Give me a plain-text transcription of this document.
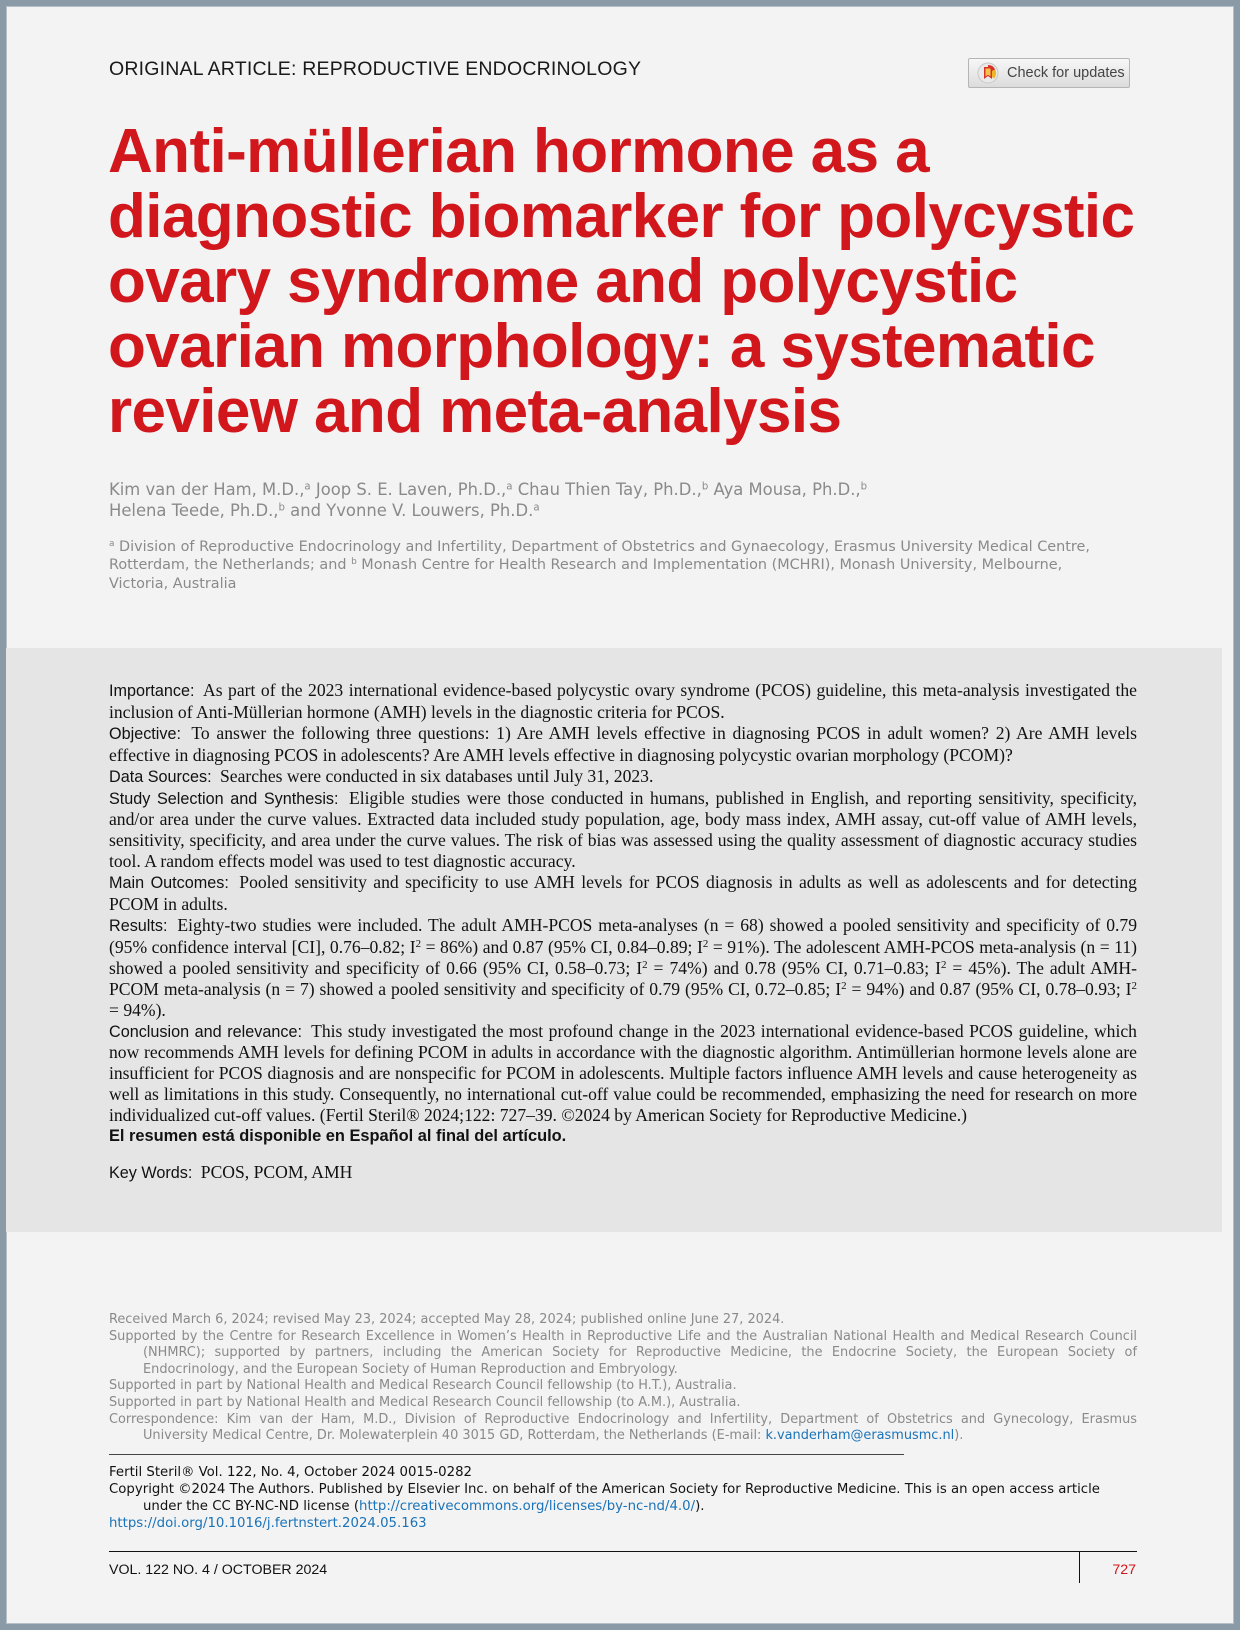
ORIGINAL ARTICLE: REPRODUCTIVE ENDOCRINOLOGY	Check for updates
Anti-müllerian hormone as a diagnostic biomarker for polycystic ovary syndrome and polycystic ovarian morphology: a systematic review and meta-analysis
Kim van der Ham, M.D.,$^a$ Joop S. E. Laven, Ph.D.,$^a$ Chau Thien Tay, Ph.D.,$^b$ Aya Mousa, Ph.D.,$^b$
Helena Teede, Ph.D.,$^b$ and Yvonne V. Louwers, Ph.D.$^a$
$^a$ Division of Reproductive Endocrinology and Infertility, Department of Obstetrics and Gynaecology, Erasmus University Medical Centre, Rotterdam, the Netherlands; and $^b$ Monash Centre for Health Research and Implementation (MCHRI), Monash University, Melbourne, Victoria, Australia

Importance: As part of the 2023 international evidence-based polycystic ovary syndrome (PCOS) guideline, this meta-analysis investigated the inclusion of Anti-Müllerian hormone (AMH) levels in the diagnostic criteria for PCOS.

Objective: To answer the following three questions: 1) Are AMH levels effective in diagnosing PCOS in adult women? 2) Are AMH levels effective in diagnosing PCOS in adolescents? Are AMH levels effective in diagnosing polycystic ovarian morphology (PCOM)?

Data Sources: Searches were conducted in six databases until July 31, 2023.

Study Selection and Synthesis: Eligible studies were those conducted in humans, published in English, and reporting sensitivity, specificity, and/or area under the curve values. Extracted data included study population, age, body mass index, AMH assay, cut-off value of AMH levels, sensitivity, specificity, and area under the curve values. The risk of bias was assessed using the quality assessment of diagnostic accuracy studies tool. A random effects model was used to test diagnostic accuracy.

Main Outcomes: Pooled sensitivity and specificity to use AMH levels for PCOS diagnosis in adults as well as adolescents and for detecting PCOM in adults.

Results: Eighty-two studies were included. The adult AMH-PCOS meta-analyses (n = 68) showed a pooled sensitivity and specificity of 0.79 (95% confidence interval [CI], 0.76–0.82; $I^2 = 86\%$) and 0.87 (95% CI, 0.84–0.89; $I^2 = 91\%$). The adolescent AMH-PCOS meta-analysis (n = 11) showed a pooled sensitivity and specificity of 0.66 (95% CI, 0.58–0.73; $I^2 = 74\%$) and 0.78 (95% CI, 0.71–0.83; $I^2 = 45\%$). The adult AMH-PCOM meta-analysis (n = 7) showed a pooled sensitivity and specificity of 0.79 (95% CI, 0.72–0.85; $I^2 = 94\%$) and 0.87 (95% CI, 0.78–0.93; $I^2 = 94\%$).

Conclusion and relevance: This study investigated the most profound change in the 2023 international evidence-based PCOS guideline, which now recommends AMH levels for defining PCOM in adults in accordance with the diagnostic algorithm. Antimüllerian hormone levels alone are insufficient for PCOS diagnosis and are nonspecific for PCOM in adolescents. Multiple factors influence AMH levels and cause heterogeneity as well as limitations in this study. Consequently, no international cut-off value could be recommended, emphasizing the need for research on more individualized cut-off values. (Fertil Steril® 2024;122: 727–39. ©2024 by American Society for Reproductive Medicine.)

El resumen está disponible en Español al final del artículo.

Key Words: PCOS, PCOM, AMH

Received March 6, 2024; revised May 23, 2024; accepted May 28, 2024; published online June 27, 2024.

Supported by the Centre for Research Excellence in Women’s Health in Reproductive Life and the Australian National Health and Medical Research Council (NHMRC); supported by partners, including the American Society for Reproductive Medicine, the Endocrine Society, the European Society of Endocrinology, and the European Society of Human Reproduction and Embryology.

Supported in part by National Health and Medical Research Council fellowship (to H.T.), Australia.

Supported in part by National Health and Medical Research Council fellowship (to A.M.), Australia.

Correspondence: Kim van der Ham, M.D., Division of Reproductive Endocrinology and Infertility, Department of Obstetrics and Gynecology, Erasmus University Medical Centre, Dr. Molewaterplein 40 3015 GD, Rotterdam, the Netherlands (E-mail: k.vanderham@erasmusmc.nl).

Fertil Steril® Vol. 122, No. 4, October 2024 0015-0282

Copyright ©2024 The Authors. Published by Elsevier Inc. on behalf of the American Society for Reproductive Medicine. This is an open access article under the CC BY-NC-ND license (http://creativecommons.org/licenses/by-nc-nd/4.0/).

https://doi.org/10.1016/j.fertnstert.2024.05.163

VOL. 122 NO. 4 / OCTOBER 2024	727
